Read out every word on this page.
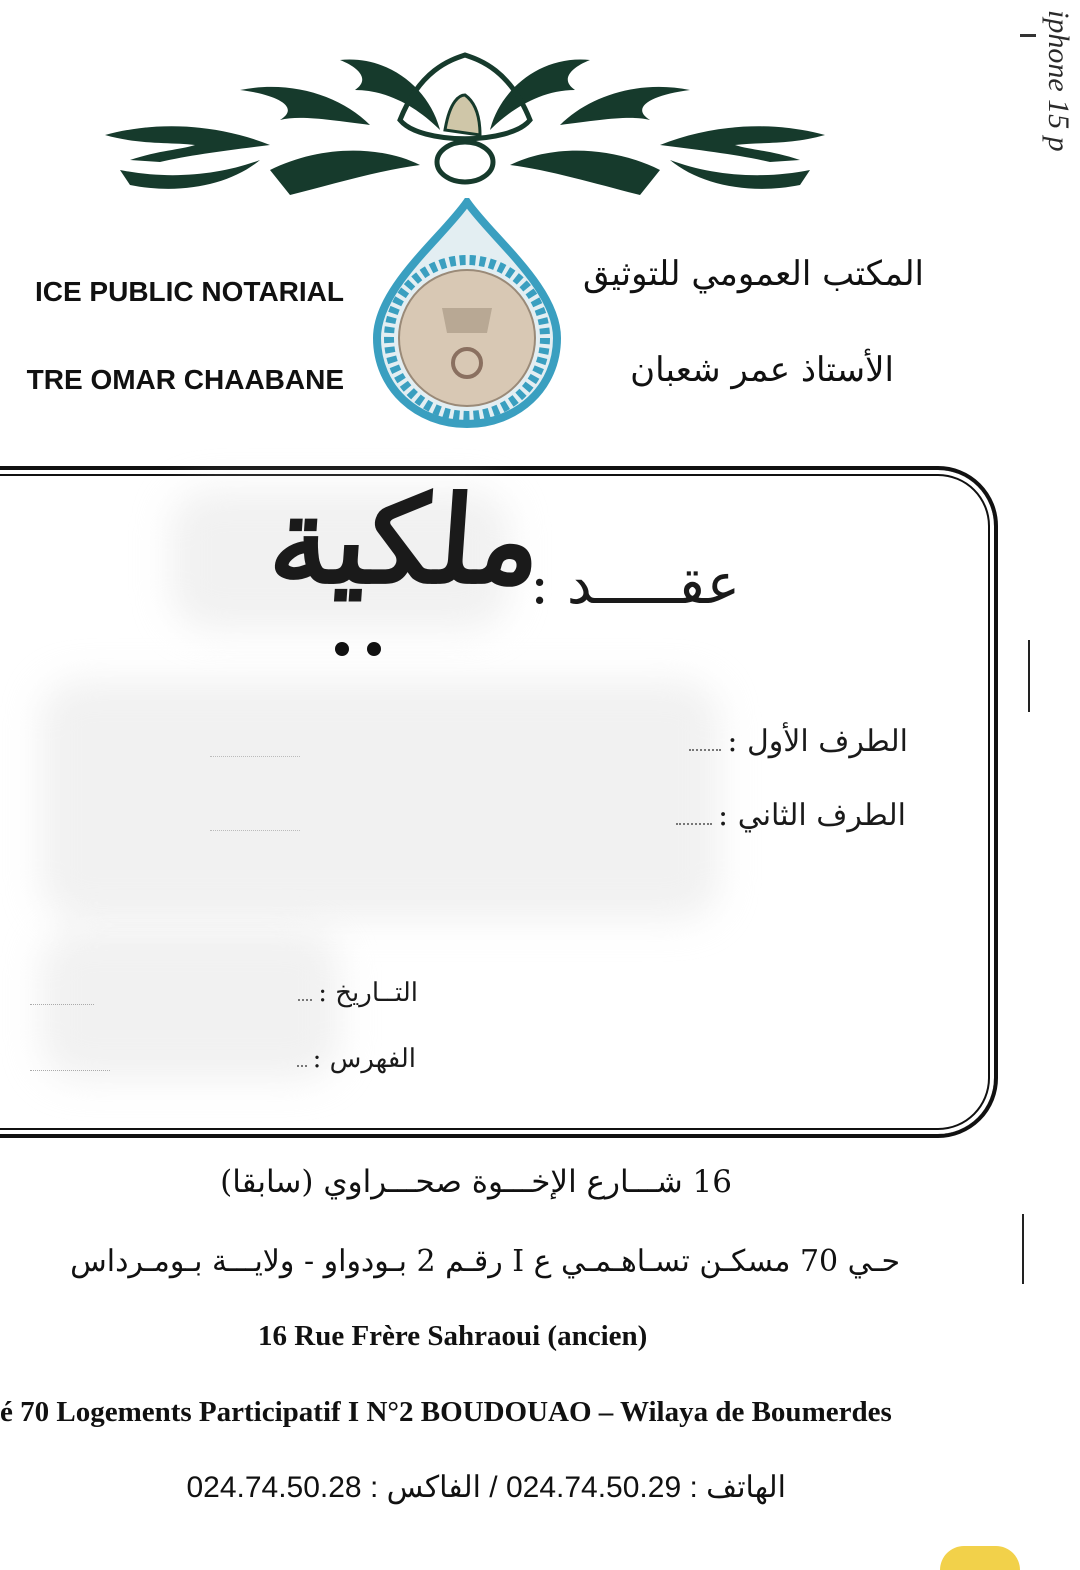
ICE PUBLIC NOTARIAL
TRE OMAR CHAABANE
المكتب العمومي للتوثيق
الأستاذ عمر شعبان
iphone 15 p
عقـــــد :
ملكية
الطرف الأول :
الطرف الثاني :
التــاريخ :
الفهرس :
16 شـــارع الإخـــوة صحـــراوي (سابقا)
حـي 70 مسكـن تسـاهـمـي ع I رقـم 2 بـودواو - ولايـــة بـومـرداس
16 Rue Frère Sahraoui (ancien)
é 70 Logements Participatif I N°2 BOUDOUAO – Wilaya de Boumerdes
الهاتف : 024.74.50.29 / الفاكس : 024.74.50.28
